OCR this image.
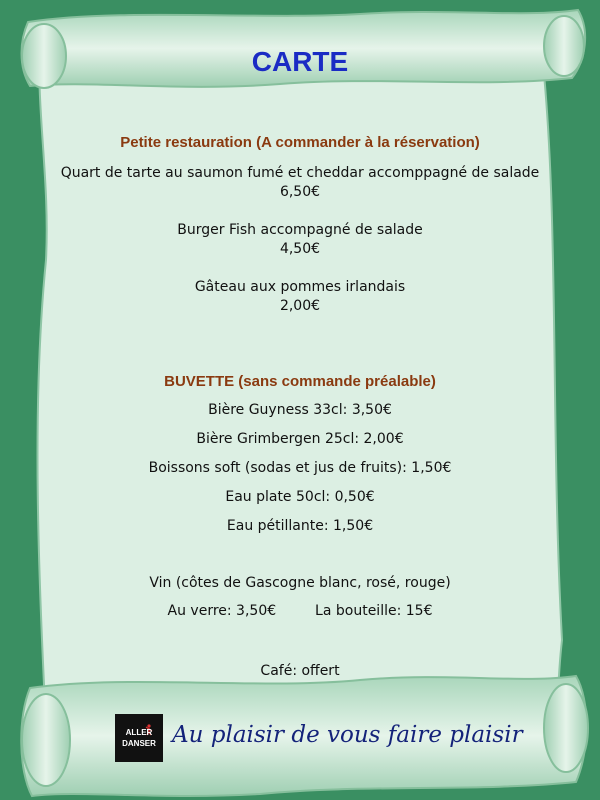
CARTE
Petite restauration (A commander à la réservation)
Quart de tarte au saumon fumé et cheddar accomppagné de salade
6,50€
Burger Fish accompagné de salade
4,50€
Gâteau aux pommes irlandais
2,00€
BUVETTE (sans commande préalable)
Bière Guyness 33cl: 3,50€
Bière Grimbergen 25cl: 2,00€
Boissons soft (sodas et jus de fruits): 1,50€
Eau plate 50cl: 0,50€
Eau pétillante: 1,50€
Vin (côtes de Gascogne blanc, rosé, rouge)
Au verre: 3,50€	La bouteille: 15€
Café: offert
ALLER
DANSER Au plaisir de vous faire plaisir
